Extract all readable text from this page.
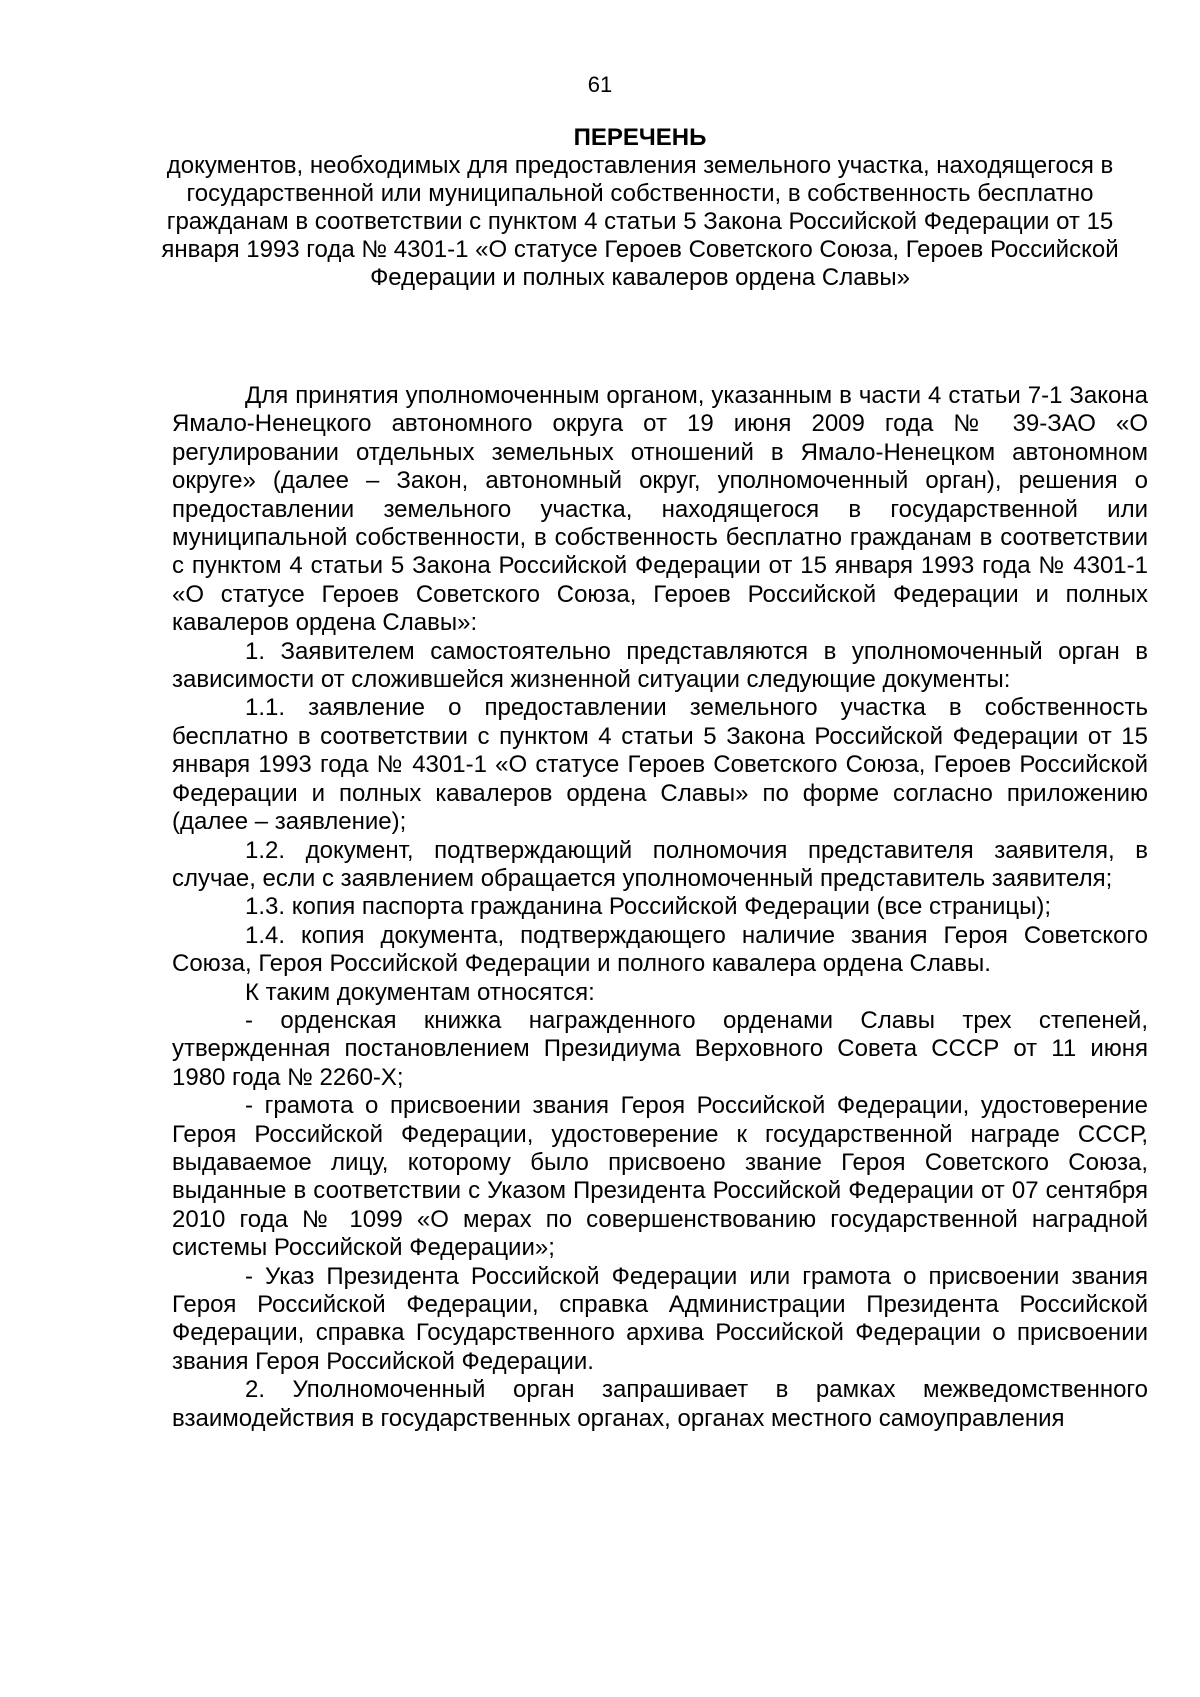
61
ПЕРЕЧЕНЬ

документов, необходимых для предоставления земельного участка, находящегося в государственной или муниципальной собственности, в собственность бесплатно гражданам в соответствии с пунктом 4 статьи 5 Закона Российской Федерации от 15 января 1993 года № 4301-1 «О статусе Героев Советского Союза, Героев Российской Федерации и полных кавалеров ордена Славы»

Для принятия уполномоченным органом, указанным в части 4 статьи 7-1 Закона Ямало-Ненецкого автономного округа от 19 июня 2009 года № 39-ЗАО «О регулировании отдельных земельных отношений в Ямало-Ненецком автономном округе» (далее – Закон, автономный округ, уполномоченный орган), решения о предоставлении земельного участка, находящегося в государственной или муниципальной собственности, в собственность бесплатно гражданам в соответствии с пунктом 4 статьи 5 Закона Российской Федерации от 15 января 1993 года № 4301-1 «О статусе Героев Советского Союза, Героев Российской Федерации и полных кавалеров ордена Славы»:

1. Заявителем самостоятельно представляются в уполномоченный орган в зависимости от сложившейся жизненной ситуации следующие документы:

1.1. заявление о предоставлении земельного участка в собственность бесплатно в соответствии с пунктом 4 статьи 5 Закона Российской Федерации от 15 января 1993 года № 4301-1 «О статусе Героев Советского Союза, Героев Российской Федерации и полных кавалеров ордена Славы» по форме согласно приложению (далее – заявление);

1.2. документ, подтверждающий полномочия представителя заявителя, в случае, если с заявлением обращается уполномоченный представитель заявителя;

1.3. копия паспорта гражданина Российской Федерации (все страницы);

1.4. копия документа, подтверждающего наличие звания Героя Советского Союза, Героя Российской Федерации и полного кавалера ордена Славы.

К таким документам относятся:

- орденская книжка награжденного орденами Славы трех степеней, утвержденная постановлением Президиума Верховного Совета СССР от 11 июня 1980 года № 2260-Х;

- грамота о присвоении звания Героя Российской Федерации, удостоверение Героя Российской Федерации, удостоверение к государственной награде СССР, выдаваемое лицу, которому было присвоено звание Героя Советского Союза, выданные в соответствии с Указом Президента Российской Федерации от 07 сентября 2010 года № 1099 «О мерах по совершенствованию государственной наградной системы Российской Федерации»;

- Указ Президента Российской Федерации или грамота о присвоении звания Героя Российской Федерации, справка Администрации Президента Российской Федерации, справка Государственного архива Российской Федерации о присвоении звания Героя Российской Федерации.

2. Уполномоченный орган запрашивает в рамках межведомственного взаимодействия в государственных органах, органах местного самоуправления
